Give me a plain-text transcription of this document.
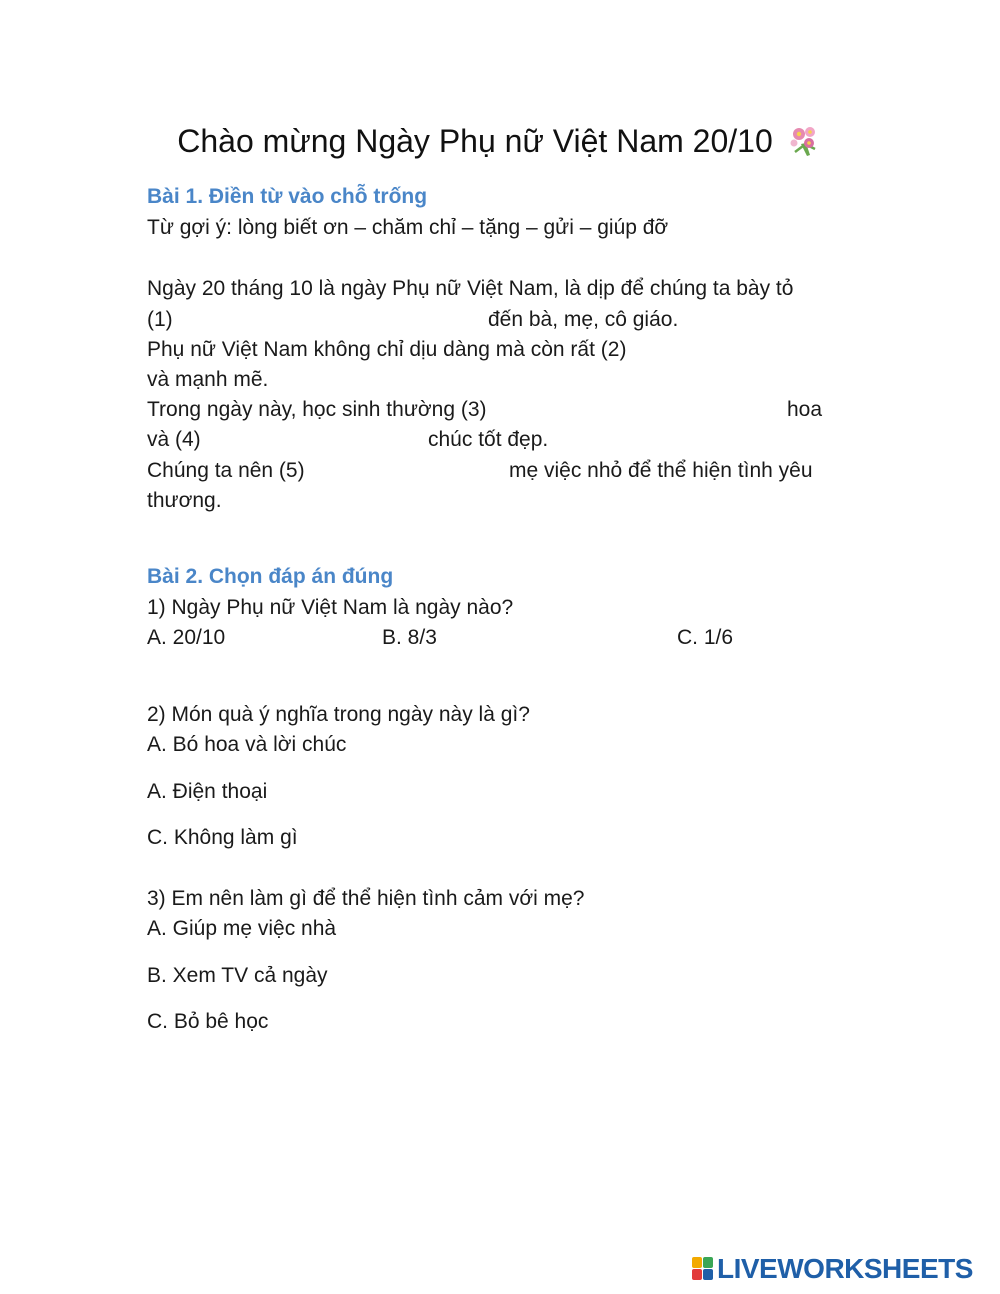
Chào mừng Ngày Phụ nữ Việt Nam 20/10
Bài 1. Điền từ vào chỗ trống
Từ gợi ý: lòng biết ơn – chăm chỉ – tặng – gửi – giúp đỡ
Ngày 20 tháng 10 là ngày Phụ nữ Việt Nam, là dịp để chúng ta bày tỏ
(1)	đến bà, mẹ, cô giáo.
Phụ nữ Việt Nam không chỉ dịu dàng mà còn rất (2)
và mạnh mẽ.
Trong ngày này, học sinh thường (3)	hoa
và (4)	chúc tốt đẹp.
Chúng ta nên (5)	mẹ việc nhỏ để thể hiện tình yêu
thương.
Bài 2. Chọn đáp án đúng
1) Ngày Phụ nữ Việt Nam là ngày nào?
A. 20/10	B. 8/3	C. 1/6
2) Món quà ý nghĩa trong ngày này là gì?
A. Bó hoa và lời chúc
A. Điện thoại
C. Không làm gì
3) Em nên làm gì để thể hiện tình cảm với mẹ?
A. Giúp mẹ việc nhà
B. Xem TV cả ngày
C. Bỏ bê học
LIVEWORKSHEETS
